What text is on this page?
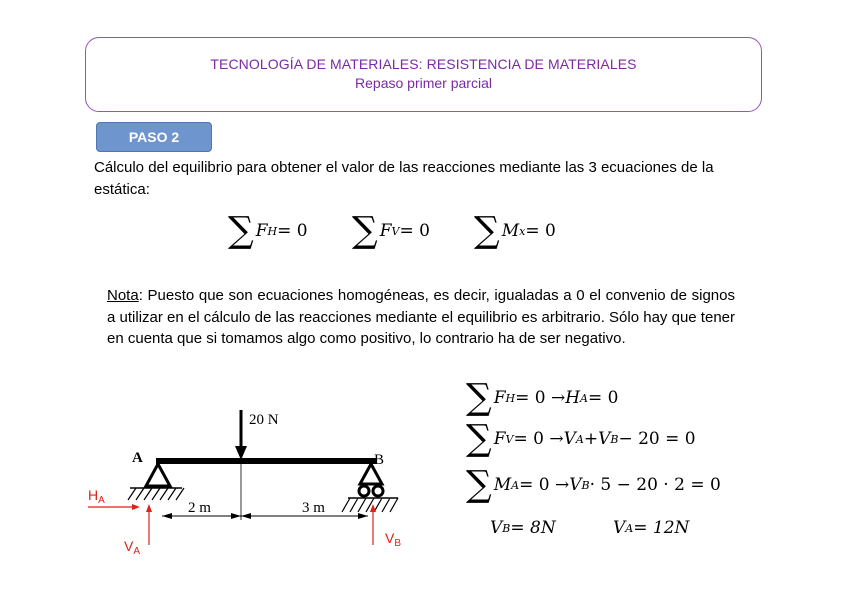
TECNOLOGÍA DE MATERIALES: RESISTENCIA DE MATERIALES
Repaso primer parcial
PASO 2
Cálculo del equilibrio para obtener el valor de las reacciones mediante las 3 ecuaciones de la estática:
∑ F H = 0 ∑ F V = 0 ∑ M x = 0
Nota: Puesto que son ecuaciones homogéneas, es decir, igualadas a 0 el convenio de signos a utilizar en el cálculo de las reacciones mediante el equilibrio es arbitrario. Sólo hay que tener en cuenta que si tomamos algo como positivo, lo contrario ha de ser negativo.
20 N
A	B
2 m	3 m
$H_A$
$V_A$
$V_B$
∑ F H = 0 → H A = 0
∑ F V = 0 → V A + V B − 20 = 0
∑ M A = 0 → V B · 5 − 20 · 2 = 0
V B = 8N	V A = 12N
